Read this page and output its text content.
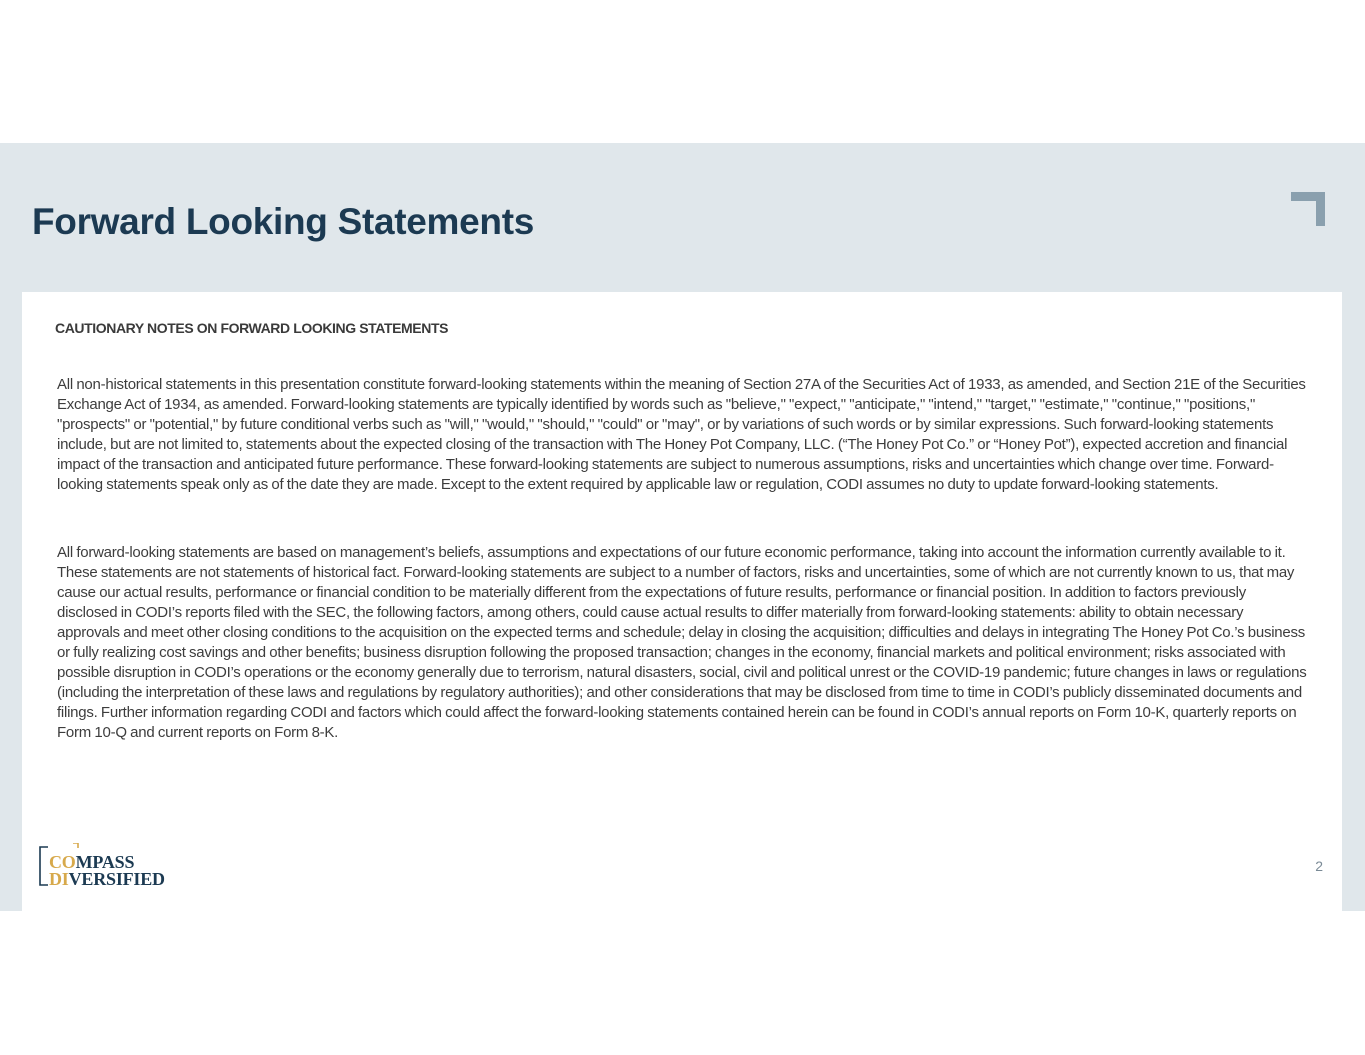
Forward Looking Statements
CAUTIONARY NOTES ON FORWARD LOOKING STATEMENTS

All non-historical statements in this presentation constitute forward-looking statements within the meaning of Section 27A of the Securities Act of 1933, as amended, and Section 21E of the Securities Exchange Act of 1934, as amended. Forward-looking statements are typically identified by words such as "believe," "expect," "anticipate," "intend," "target," "estimate," "continue," "positions," "prospects" or "potential," by future conditional verbs such as "will," "would," "should," "could" or "may", or by variations of such words or by similar expressions. Such forward-looking statements include, but are not limited to, statements about the expected closing of the transaction with The Honey Pot Company, LLC. (“The Honey Pot Co.” or “Honey Pot”), expected accretion and financial impact of the transaction and anticipated future performance. These forward-looking statements are subject to numerous assumptions, risks and uncertainties which change over time. Forward-looking statements speak only as of the date they are made. Except to the extent required by applicable law or regulation, CODI assumes no duty to update forward-looking statements.

All forward-looking statements are based on management’s beliefs, assumptions and expectations of our future economic performance, taking into account the information currently available to it. These statements are not statements of historical fact. Forward-looking statements are subject to a number of factors, risks and uncertainties, some of which are not currently known to us, that may cause our actual results, performance or financial condition to be materially different from the expectations of future results, performance or financial position. In addition to factors previously disclosed in CODI’s reports filed with the SEC, the following factors, among others, could cause actual results to differ materially from forward-looking statements: ability to obtain necessary approvals and meet other closing conditions to the acquisition on the expected terms and schedule; delay in closing the acquisition; difficulties and delays in integrating The Honey Pot Co.’s business or fully realizing cost savings and other benefits; business disruption following the proposed transaction; changes in the economy, financial markets and political environment; risks associated with possible disruption in CODI’s operations or the economy generally due to terrorism, natural disasters, social, civil and political unrest or the COVID-19 pandemic; future changes in laws or regulations (including the interpretation of these laws and regulations by regulatory authorities); and other considerations that may be disclosed from time to time in CODI’s publicly disseminated documents and filings. Further information regarding CODI and factors which could affect the forward-looking statements contained herein can be found in CODI’s annual reports on Form 10-K, quarterly reports on Form 10-Q and current reports on Form 8-K.

COMPASS
DIVERSIFIED
2
